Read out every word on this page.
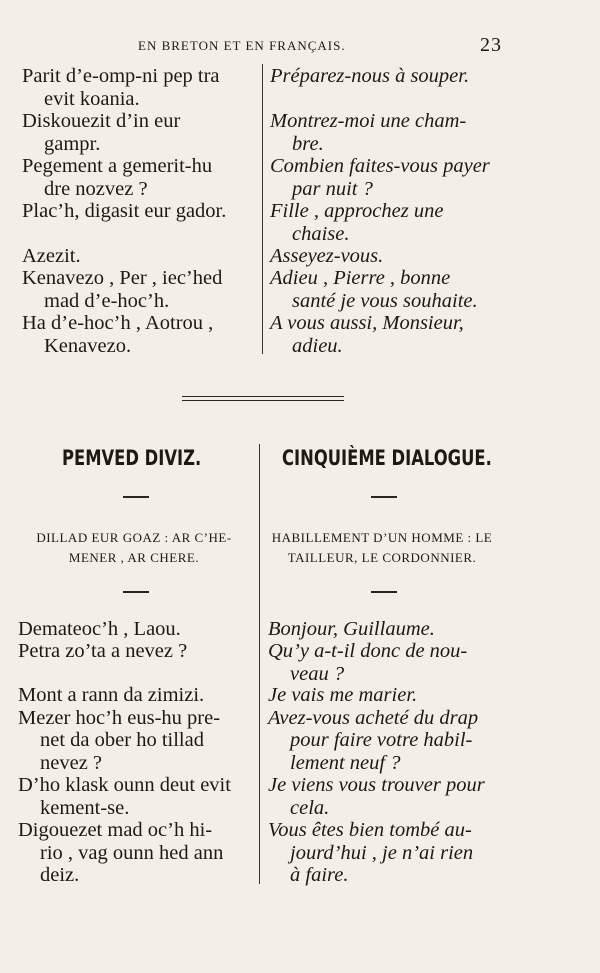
EN BRETON ET EN FRANÇAIS.	23
Parit d’e-omp-ni pep tra
evit koania.
Diskouezit d’in eur
gampr.
Pegement a gemerit-hu
dre nozvez ?
Plac’h, digasit eur gador.
Azezit.
Kenavezo , Per , iec’hed
mad d’e-hoc’h.
Ha d’e-hoc’h , Aotrou ,
Kenavezo.
Préparez-nous à souper.
Montrez-moi une cham-
bre.
Combien faites-vous payer
par nuit ?
Fille , approchez une
chaise.
Asseyez-vous.
Adieu , Pierre , bonne
santé je vous souhaite.
A vous aussi, Monsieur,
adieu.
PEMVED DIVIZ.
DILLAD EUR GOAZ : AR C’HE-
MENER , AR CHERE.
Demateoc’h , Laou.
Petra zo’ta a nevez ?
Mont a rann da zimizi.
Mezer hoc’h eus-hu pre-
net da ober ho tillad
nevez ?
D’ho klask ounn deut evit
kement-se.
Digouezet mad oc’h hi-
rio , vag ounn hed ann
deiz.
CINQUIÈME DIALOGUE.
HABILLEMENT D’UN HOMME : LE
TAILLEUR, LE CORDONNIER.
Bonjour, Guillaume.
Qu’y a-t-il donc de nou-
veau ?
Je vais me marier.
Avez-vous acheté du drap
pour faire votre habil-
lement neuf ?
Je viens vous trouver pour
cela.
Vous êtes bien tombé au-
jourd’hui , je n’ai rien
à faire.
